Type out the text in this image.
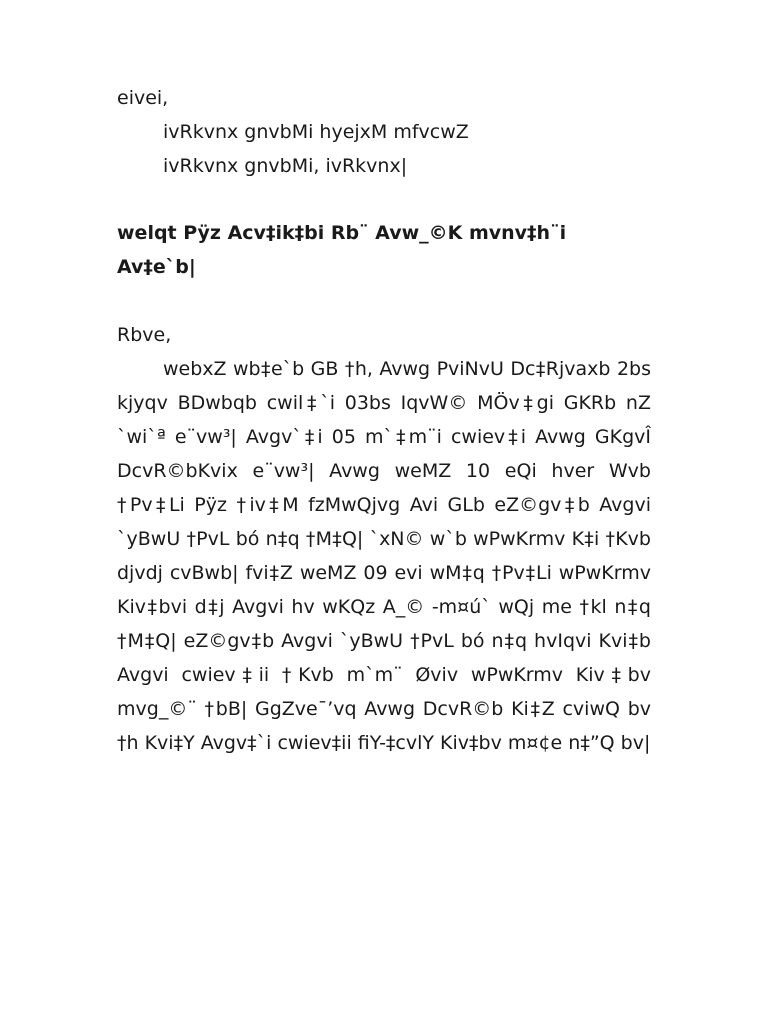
eivei,

ivRkvnx gnvbMi hyejxM mfvcwZ
ivRkvnx gnvbMi, ivRkvnx|

welqt Pÿz Acv‡ik‡bi Rb¨ Avw_©K mvnv‡h¨i Av‡e`b|

Rbve,

webxZ wb‡e`b GB †h, Avwg PviNvU Dc‡Rjvaxb 2bs kjyqv BDwbqb cwil‡`i 03bs IqvW© MÖv‡gi GKRb nZ `wi`ª e¨vw³| Avgv`‡i 05 m`‡m¨i cwiev‡i Avwg GKgvÎ DcvR©bKvix e¨vw³| Avwg weMZ 10 eQi hver Wvb †Pv‡Li Pÿz †iv‡M fzMwQjvg Avi GLb eZ©gv‡b Avgvi `yBwU †PvL bó n‡q †M‡Q| `xN© w`b wPwKrmv K‡i †Kvb djvdj cvBwb| fvi‡Z weMZ 09 evi wM‡q †Pv‡Li wPwKrmv Kiv‡bvi d‡j Avgvi hv wKQz A_© -m¤ú` wQj me †kl n‡q †M‡Q| eZ©gv‡b Avgvi `yBwU †PvL bó n‡q hvIqvi Kvi‡b Avgvi cwiev‡ii †Kvb m`m¨ Øviv wPwKrmv Kiv‡bv mvg_©¨ †bB| GgZve¯’vq Avwg DcvR©b Ki‡Z cviwQ bv †h Kvi‡Y Avgv‡`i cwiev‡ii fiY-‡cvlY Kiv‡bv m¤¢e n‡”Q bv|
